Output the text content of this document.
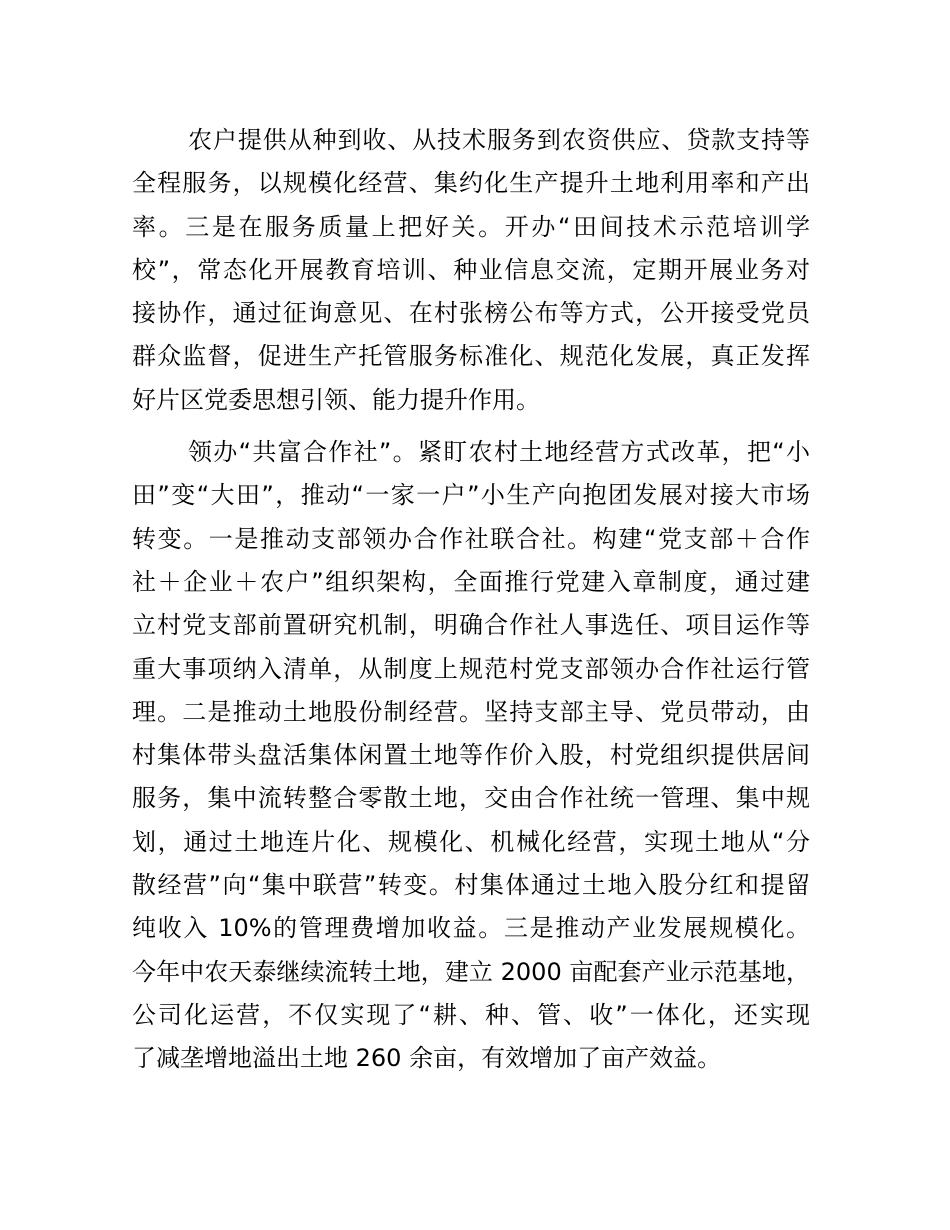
农户提供从种到收、从技术服务到农资供应、贷款支持等
全程服务，以规模化经营、集约化生产提升土地利用率和产出
率。三是在服务质量上把好关。开办“田间技术示范培训学
校”，常态化开展教育培训、种业信息交流，定期开展业务对
接协作，通过征询意见、在村张榜公布等方式，公开接受党员
群众监督，促进生产托管服务标准化、规范化发展，真正发挥
好片区党委思想引领、能力提升作用。
领办“共富合作社”。紧盯农村土地经营方式改革，把“小
田”变“大田”，推动“一家一户”小生产向抱团发展对接大市场
转变。一是推动支部领办合作社联合社。构建“党支部＋合作
社＋企业＋农户”组织架构，全面推行党建入章制度，通过建
立村党支部前置研究机制，明确合作社人事选任、项目运作等
重大事项纳入清单，从制度上规范村党支部领办合作社运行管
理。二是推动土地股份制经营。坚持支部主导、党员带动，由
村集体带头盘活集体闲置土地等作价入股，村党组织提供居间
服务，集中流转整合零散土地，交由合作社统一管理、集中规
划，通过土地连片化、规模化、机械化经营，实现土地从“分
散经营”向“集中联营”转变。村集体通过土地入股分红和提留
纯收入 10%的管理费增加收益。三是推动产业发展规模化。
今年中农天泰继续流转土地，建立 2000 亩配套产业示范基地，
公司化运营，不仅实现了“耕、种、管、收”一体化，还实现
了减垄增地溢出土地 260 余亩，有效增加了亩产效益。
